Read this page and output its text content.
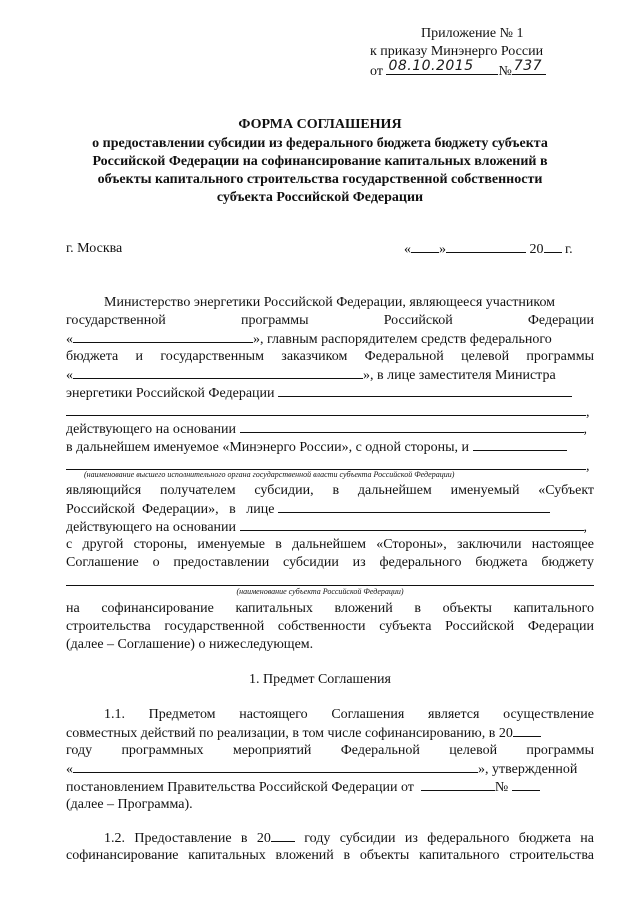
Приложение № 1
к приказу Минэнерго России
от 08.10.2015 № 737
ФОРМА СОГЛАШЕНИЯ
о предоставлении субсидии из федерального бюджета бюджету субъекта
Российской Федерации на софинансирование капитальных вложений в
объекты капитального строительства государственной собственности
субъекта Российской Федерации
г. Москва	« »	20 г.
Министерство энергетики Российской Федерации, являющееся участником
государственной	программы	Российской	Федерации
«	», главным распорядителем средств федерального
бюджета и государственным заказчиком Федеральной целевой программы
«	», в лице заместителя Министра
энергетики Российской Федерации
,
действующего на основании	,
в дальнейшем именуемое «Минэнерго России», с одной стороны, и
,
(наименование высшего исполнительного органа государственной власти субъекта Российской Федерации)
являющийся получателем субсидии, в дальнейшем именуемый «Субъект
Российской Федерации», в лице
действующего на основании	,
с другой стороны, именуемые в дальнейшем «Стороны», заключили настоящее
Соглашение о предоставлении субсидии из федерального бюджета бюджету
(наименование субъекта Российской Федерации)
на софинансирование капитальных вложений в объекты капитального
строительства государственной собственности субъекта Российской Федерации
(далее – Соглашение) о нижеследующем.
1. Предмет Соглашения
1.1. Предметом настоящего Соглашения является осуществление
совместных действий по реализации, в том числе софинансированию, в 20
году программных мероприятий Федеральной целевой программы
«	», утвержденной
постановлением Правительства Российской Федерации от	№
(далее – Программа).
1.2. Предоставление в 20 году субсидии из федерального бюджета на
софинансирование капитальных вложений в объекты капитального строительства
